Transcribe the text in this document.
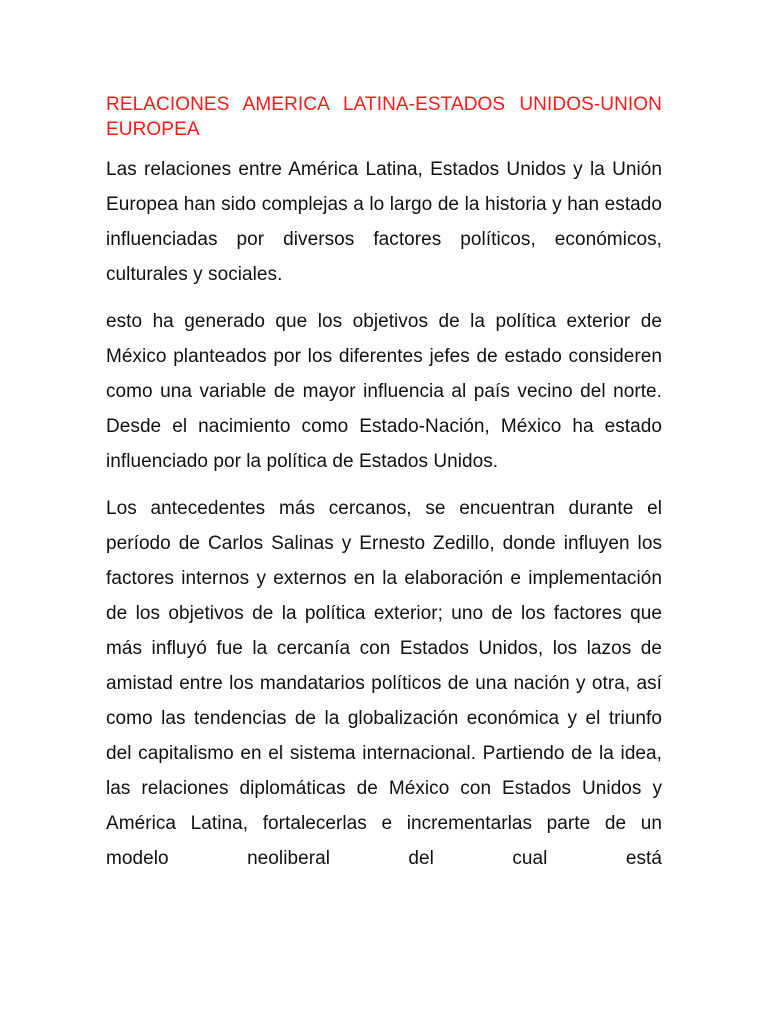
RELACIONES AMERICA LATINA-ESTADOS UNIDOS-UNION EUROPEA

Las relaciones entre América Latina, Estados Unidos y la Unión Europea han sido complejas a lo largo de la historia y han estado influenciadas por diversos factores políticos, económicos, culturales y sociales.

esto ha generado que los objetivos de la política exterior de México planteados por los diferentes jefes de estado consideren como una variable de mayor influencia al país vecino del norte. Desde el nacimiento como Estado-Nación, México ha estado influenciado por la política de Estados Unidos.

Los antecedentes más cercanos, se encuentran durante el período de Carlos Salinas y Ernesto Zedillo, donde influyen los factores internos y externos en la elaboración e implementación de los objetivos de la política exterior; uno de los factores que más influyó fue la cercanía con Estados Unidos, los lazos de amistad entre los mandatarios políticos de una nación y otra, así como las tendencias de la globalización económica y el triunfo del capitalismo en el sistema internacional. Partiendo de la idea, las relaciones diplomáticas de México con Estados Unidos y América Latina, fortalecerlas e incrementarlas parte de un modelo neoliberal del cual está
